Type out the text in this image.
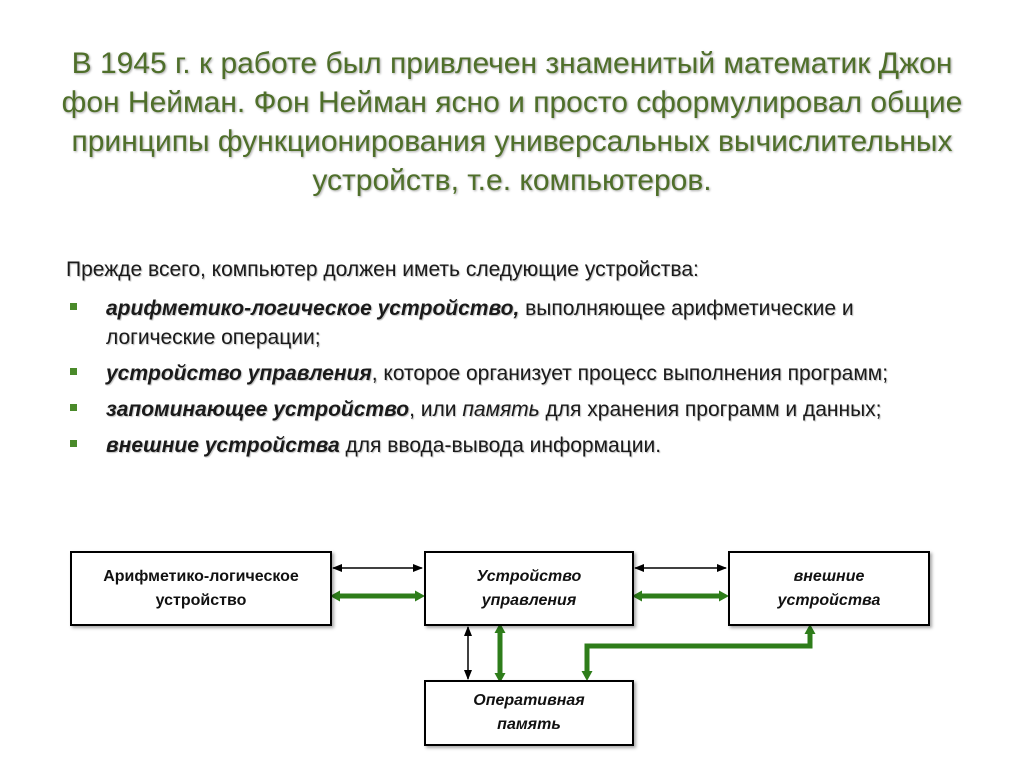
В 1945 г. к работе был привлечен знаменитый математик Джон фон Нейман. Фон Нейман ясно и просто сформулировал общие принципы функционирования универсальных вычислительных устройств, т.е. компьютеров.
Прежде всего, компьютер должен иметь следующие устройства:
арифметико-логическое устройство, выполняющее арифметические и логические операции;
устройство управления, которое организует процесс выполнения программ;
запоминающее устройство, или память для хранения программ и данных;
внешние устройства для ввода-вывода информации.
Арифметико-логическое устройство
Устройство управления
внешние устройства
Оперативная память
